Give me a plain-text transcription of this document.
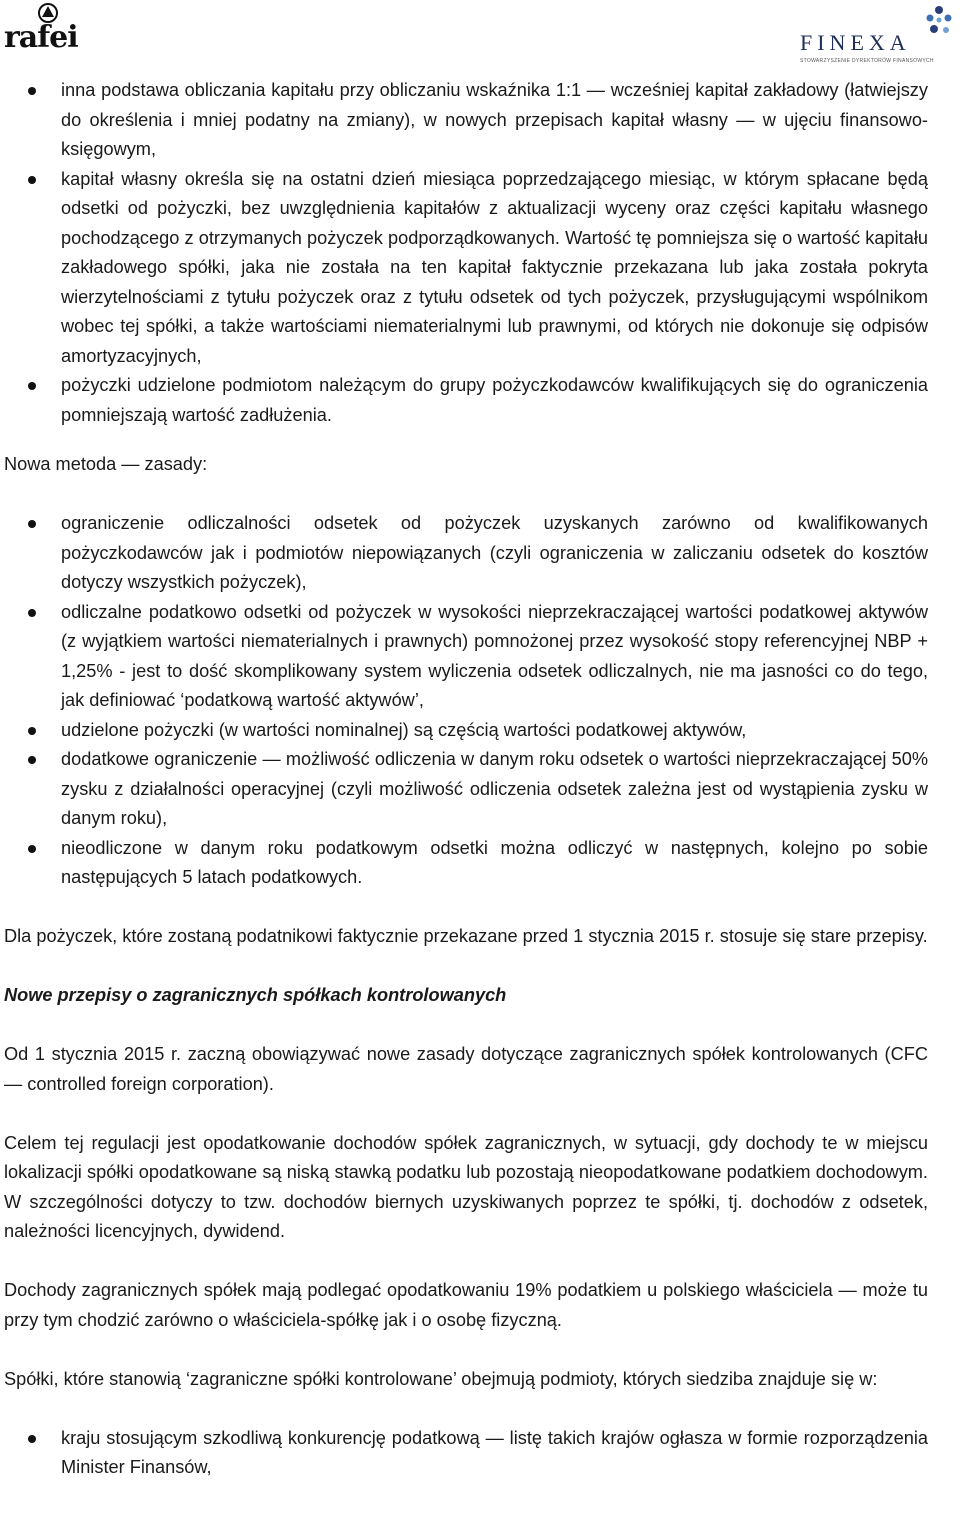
rafei	FINEXA
STOWARZYSZENIE DYREKTORÓW FINANSOWYCH
inna podstawa obliczania kapitału przy obliczaniu wskaźnika 1:1 — wcześniej kapitał zakładowy (łatwiejszy do określenia i mniej podatny na zmiany), w nowych przepisach kapitał własny — w ujęciu finansowo-księgowym,
kapitał własny określa się na ostatni dzień miesiąca poprzedzającego miesiąc, w którym spłacane będą odsetki od pożyczki, bez uwzględnienia kapitałów z aktualizacji wyceny oraz części kapitału własnego pochodzącego z otrzymanych pożyczek podporządkowanych. Wartość tę pomniejsza się o wartość kapitału zakładowego spółki, jaka nie została na ten kapitał faktycznie przekazana lub jaka została pokryta wierzytelnościami z tytułu pożyczek oraz z tytułu odsetek od tych pożyczek, przysługującymi wspólnikom wobec tej spółki, a także wartościami niematerialnymi lub prawnymi, od których nie dokonuje się odpisów amortyzacyjnych,
pożyczki udzielone podmiotom należącym do grupy pożyczkodawców kwalifikujących się do ograniczenia pomniejszają wartość zadłużenia.

Nowa metoda — zasady:

ograniczenie odliczalności odsetek od pożyczek uzyskanych zarówno od kwalifikowanych pożyczkodawców jak i podmiotów niepowiązanych (czyli ograniczenia w zaliczaniu odsetek do kosztów dotyczy wszystkich pożyczek),
odliczalne podatkowo odsetki od pożyczek w wysokości nieprzekraczającej wartości podatkowej aktywów (z wyjątkiem wartości niematerialnych i prawnych) pomnożonej przez wysokość stopy referencyjnej NBP + 1,25% - jest to dość skomplikowany system wyliczenia odsetek odliczalnych, nie ma jasności co do tego, jak definiować ‘podatkową wartość aktywów’,
udzielone pożyczki (w wartości nominalnej) są częścią wartości podatkowej aktywów,
dodatkowe ograniczenie — możliwość odliczenia w danym roku odsetek o wartości nieprzekraczającej 50% zysku z działalności operacyjnej (czyli możliwość odliczenia odsetek zależna jest od wystąpienia zysku w danym roku),
nieodliczone w danym roku podatkowym odsetki można odliczyć w następnych, kolejno po sobie następujących 5 latach podatkowych.

Dla pożyczek, które zostaną podatnikowi faktycznie przekazane przed 1 stycznia 2015 r. stosuje się stare przepisy.

Nowe przepisy o zagranicznych spółkach kontrolowanych

Od 1 stycznia 2015 r. zaczną obowiązywać nowe zasady dotyczące zagranicznych spółek kontrolowanych (CFC — controlled foreign corporation).

Celem tej regulacji jest opodatkowanie dochodów spółek zagranicznych, w sytuacji, gdy dochody te w miejscu lokalizacji spółki opodatkowane są niską stawką podatku lub pozostają nieopodatkowane podatkiem dochodowym. W szczególności dotyczy to tzw. dochodów biernych uzyskiwanych poprzez te spółki, tj. dochodów z odsetek, należności licencyjnych, dywidend.

Dochody zagranicznych spółek mają podlegać opodatkowaniu 19% podatkiem u polskiego właściciela — może tu przy tym chodzić zarówno o właściciela-spółkę jak i o osobę fizyczną.

Spółki, które stanowią ‘zagraniczne spółki kontrolowane’ obejmują podmioty, których siedziba znajduje się w:

kraju stosującym szkodliwą konkurencję podatkową — listę takich krajów ogłasza w formie rozporządzenia Minister Finansów,
